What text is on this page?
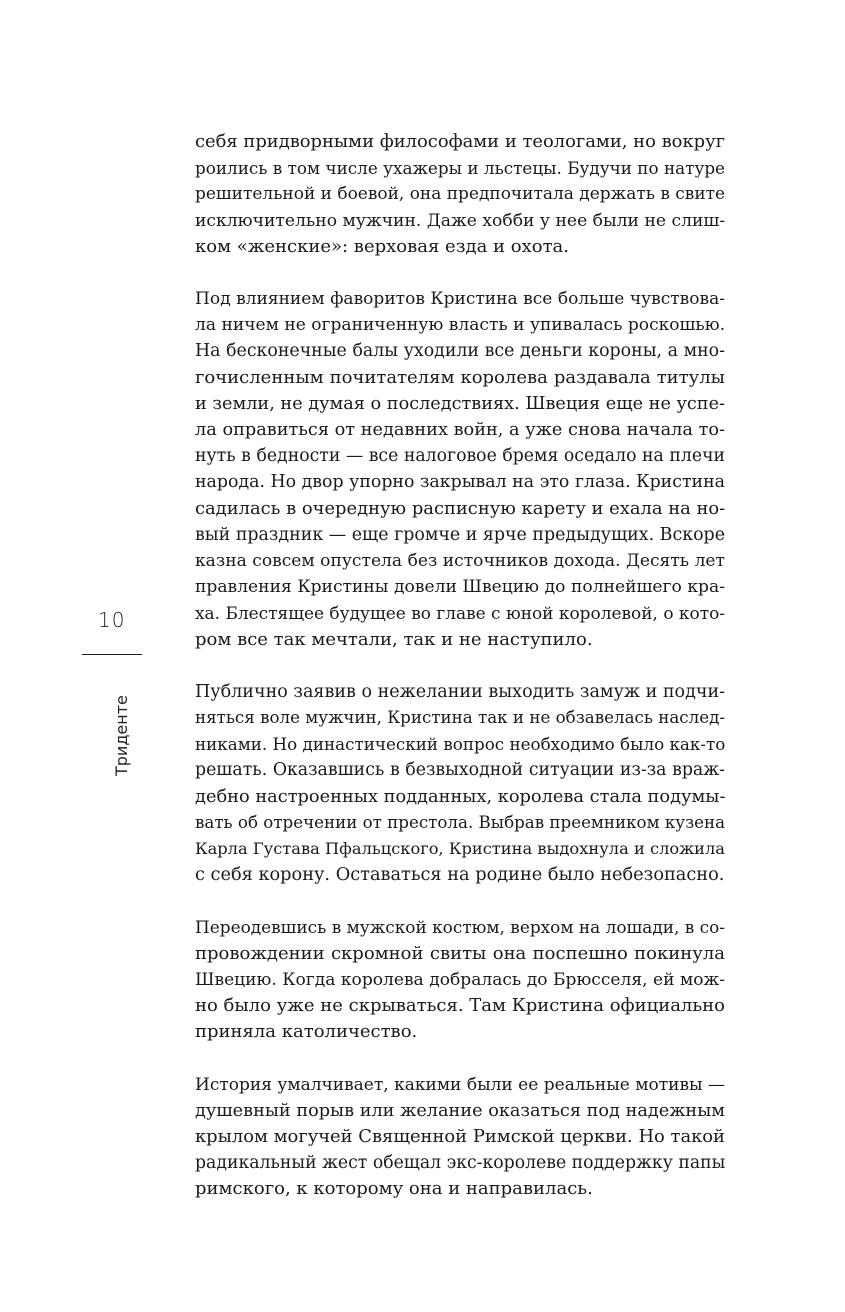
10
Триденте

себя придворными философами и теологами, но вокруг
роились в том числе ухажеры и льстецы. Будучи по натуре
решительной и боевой, она предпочитала держать в свите
исключительно мужчин. Даже хобби у нее были не слиш-
ком «женские»: верховая езда и охота.

Под влиянием фаворитов Кристина все больше чувствова-
ла ничем не ограниченную власть и упивалась роскошью.
На бесконечные балы уходили все деньги короны, а мно-
гочисленным почитателям королева раздавала титулы
и земли, не думая о последствиях. Швеция еще не успе-
ла оправиться от недавних войн, а уже снова начала то-
нуть в бедности — все налоговое бремя оседало на плечи
народа. Но двор упорно закрывал на это глаза. Кристина
садилась в очередную расписную карету и ехала на но-
вый праздник — еще громче и ярче предыдущих. Вскоре
казна совсем опустела без источников дохода. Десять лет
правления Кристины довели Швецию до полнейшего кра-
ха. Блестящее будущее во главе с юной королевой, о кото-
ром все так мечтали, так и не наступило.

Публично заявив о нежелании выходить замуж и подчи-
няться воле мужчин, Кристина так и не обзавелась наслед-
никами. Но династический вопрос необходимо было как-то
решать. Оказавшись в безвыходной ситуации из-за враж-
дебно настроенных подданных, королева стала подумы-
вать об отречении от престола. Выбрав преемником кузена
Карла Густава Пфальцского, Кристина выдохнула и сложила
с себя корону. Оставаться на родине было небезопасно.

Переодевшись в мужской костюм, верхом на лошади, в со-
провождении скромной свиты она поспешно покинула
Швецию. Когда королева добралась до Брюсселя, ей мож-
но было уже не скрываться. Там Кристина официально
приняла католичество.

История умалчивает, какими были ее реальные мотивы —
душевный порыв или желание оказаться под надежным
крылом могучей Священной Римской церкви. Но такой
радикальный жест обещал экс-королеве поддержку папы
римского, к которому она и направилась.
